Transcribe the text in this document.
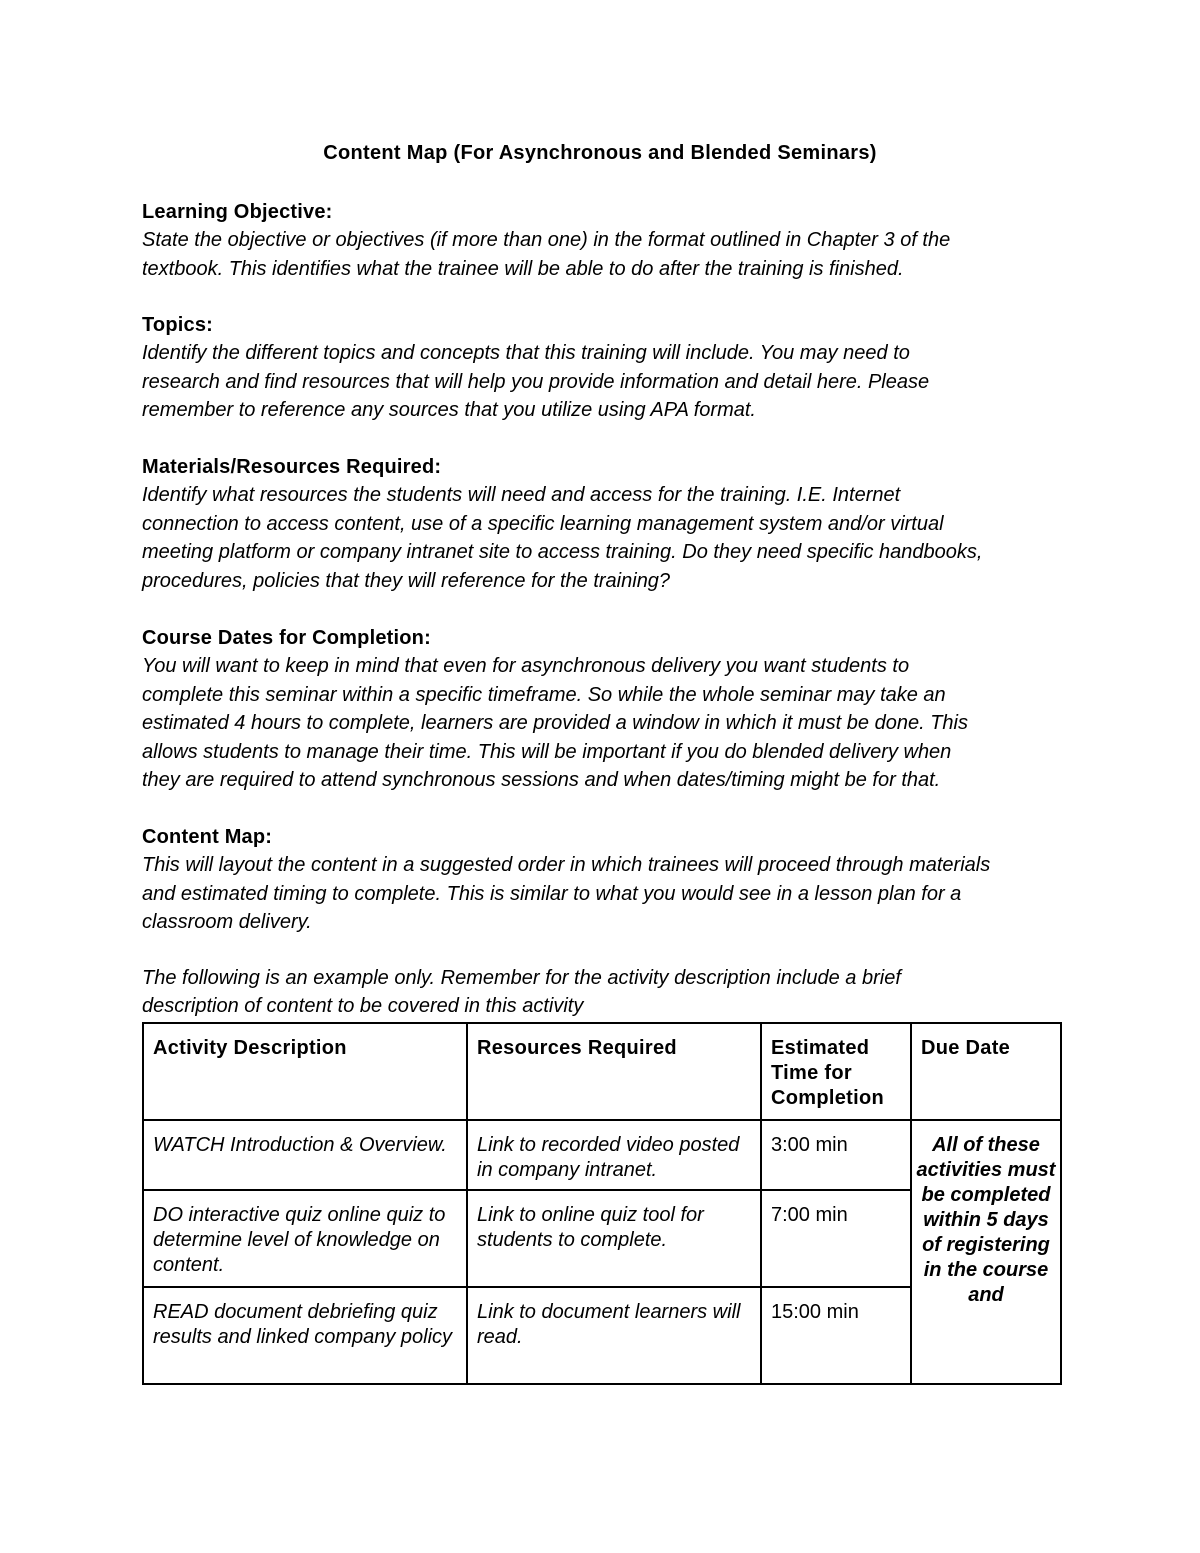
Content Map (For Asynchronous and Blended Seminars)
Learning Objective:

State the objective or objectives (if more than one) in the format outlined in Chapter 3 of the
textbook. This identifies what the trainee will be able to do after the training is finished.

Topics:

Identify the different topics and concepts that this training will include. You may need to
research and find resources that will help you provide information and detail here. Please
remember to reference any sources that you utilize using APA format.

Materials/Resources Required:

Identify what resources the students will need and access for the training. I.E. Internet
connection to access content, use of a specific learning management system and/or virtual
meeting platform or company intranet site to access training. Do they need specific handbooks,
procedures, policies that they will reference for the training?

Course Dates for Completion:

You will want to keep in mind that even for asynchronous delivery you want students to
complete this seminar within a specific timeframe. So while the whole seminar may take an
estimated 4 hours to complete, learners are provided a window in which it must be done. This
allows students to manage their time. This will be important if you do blended delivery when
they are required to attend synchronous sessions and when dates/timing might be for that.

Content Map:

This will layout the content in a suggested order in which trainees will proceed through materials
and estimated timing to complete. This is similar to what you would see in a lesson plan for a
classroom delivery.

The following is an example only. Remember for the activity description include a brief
description of content to be covered in this activity

Activity Description	Resources Required	Estimated Time for Completion	Due Date
WATCH Introduction & Overview.	Link to recorded video posted in company intranet.	3:00 min	All of these activities must be completed within 5 days of registering in the course and
DO interactive quiz online quiz to determine level of knowledge on content.	Link to online quiz tool for students to complete.	7:00 min	
READ document debriefing quiz results and linked company policy	Link to document learners will read.	15:00 min	
